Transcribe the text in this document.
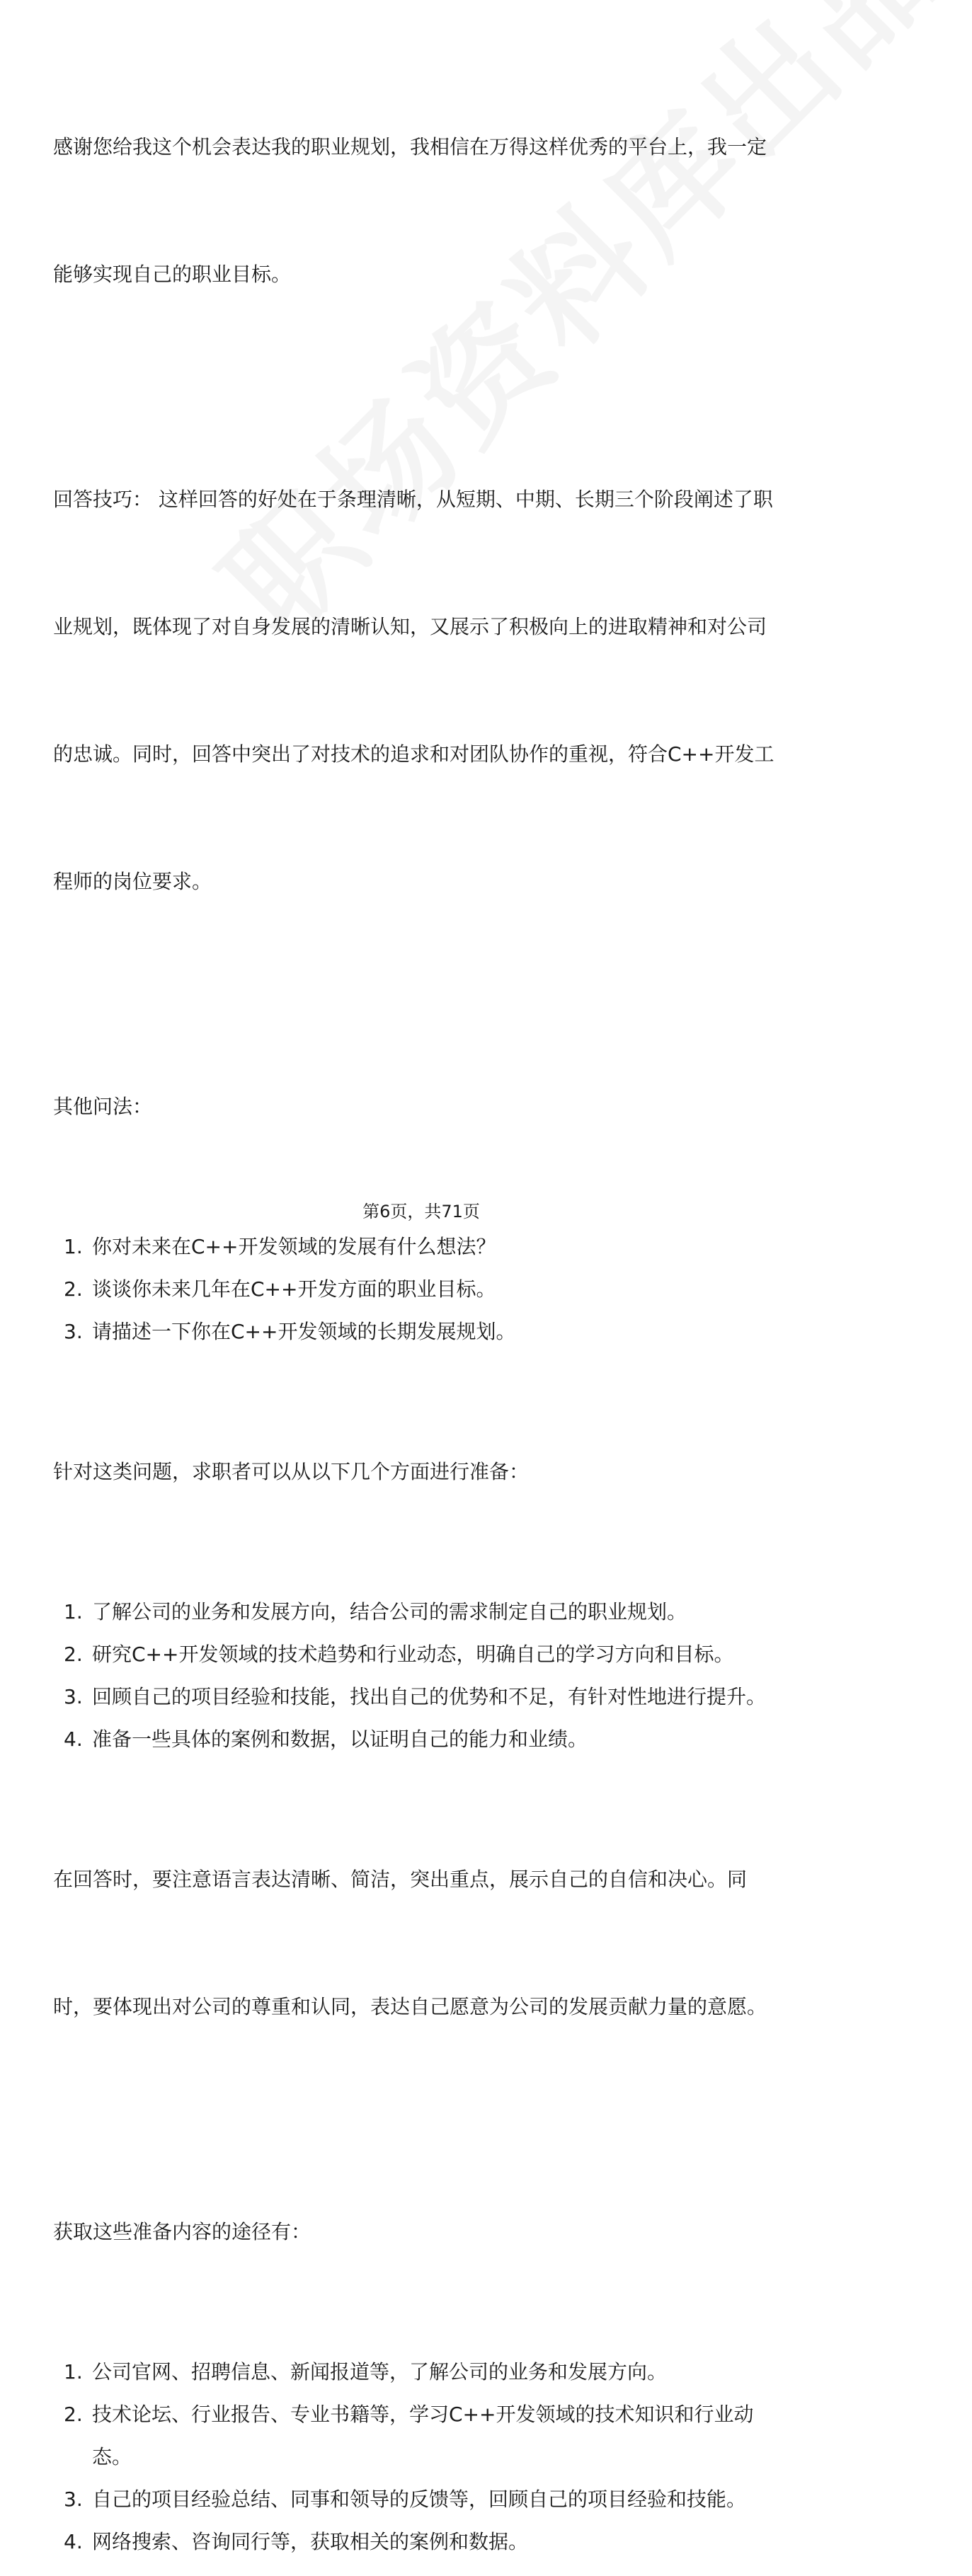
感谢您给我这个机会表达我的职业规划，我相信在万得这样优秀的平台上，我一定

能够实现自己的职业目标。

回答技巧： 这样回答的好处在于条理清晰，从短期、中期、长期三个阶段阐述了职

业规划，既体现了对自身发展的清晰认知，又展示了积极向上的进取精神和对公司

的忠诚。同时，回答中突出了对技术的追求和对团队协作的重视，符合C++开发工

程师的岗位要求。

其他问法：

1. 你对未来在C++开发领域的发展有什么想法？
2. 谈谈你未来几年在C++开发方面的职业目标。
3. 请描述一下你在C++开发领域的长期发展规划。

针对这类问题，求职者可以从以下几个方面进行准备：

1. 了解公司的业务和发展方向，结合公司的需求制定自己的职业规划。
2. 研究C++开发领域的技术趋势和行业动态，明确自己的学习方向和目标。
3. 回顾自己的项目经验和技能，找出自己的优势和不足，有针对性地进行提升。
4. 准备一些具体的案例和数据，以证明自己的能力和业绩。

在回答时，要注意语言表达清晰、简洁，突出重点，展示自己的自信和决心。同

时，要体现出对公司的尊重和认同，表达自己愿意为公司的发展贡献力量的意愿。

获取这些准备内容的途径有：

1. 公司官网、招聘信息、新闻报道等，了解公司的业务和发展方向。
2. 技术论坛、行业报告、专业书籍等，学习C++开发领域的技术知识和行业动
态。
3. 自己的项目经验总结、同事和领导的反馈等，回顾自己的项目经验和技能。
4. 网络搜索、咨询同行等，获取相关的案例和数据。
第6页，共71页
